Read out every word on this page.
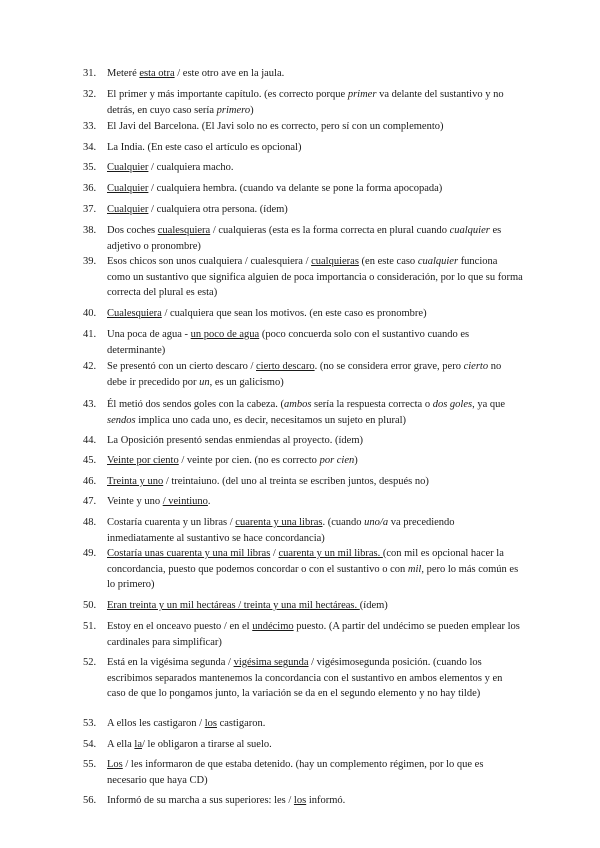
31.	Meteré esta otra / este otro ave en la jaula.
32.	El primer y más importante capítulo. (es correcto porque primer va delante del sustantivo y no detrás, en cuyo caso sería primero)
33.	El Javi del Barcelona. (El Javi solo no es correcto, pero sí con un complemento)
34.	La India. (En este caso el artículo es opcional)
35.	Cualquier / cualquiera macho.
36.	Cualquier / cualquiera hembra. (cuando va delante se pone la forma apocopada)
37.	Cualquier / cualquiera otra persona. (ídem)
38.	Dos coches cualesquiera / cualquieras (esta es la forma correcta en plural cuando cualquier es adjetivo o pronombre)
39.	Esos chicos son unos cualquiera / cualesquiera / cualquieras (en este caso cualquier funciona como un sustantivo que significa alguien de poca importancia o consideración, por lo que su forma correcta del plural es esta)
40.	Cualesquiera / cualquiera que sean los motivos. (en este caso es pronombre)
41.	Una poca de agua - un poco de agua (poco concuerda solo con el sustantivo cuando es determinante)
42.	Se presentó con un cierto descaro / cierto descaro. (no se considera error grave, pero cierto no debe ir precedido por un, es un galicismo)
43.	Él metió dos sendos goles con la cabeza. (ambos sería la respuesta correcta o dos goles, ya que sendos implica uno cada uno, es decir, necesitamos un sujeto en plural)
44.	La Oposición presentó sendas enmiendas al proyecto. (ídem)
45.	Veinte por ciento / veinte por cien. (no es correcto por cien)
46.	Treinta y uno / treintaiuno. (del uno al treinta se escriben juntos, después no)
47.	Veinte y uno / veintiuno.
48.	Costaría cuarenta y un libras / cuarenta y una libras. (cuando uno/a va precediendo inmediatamente al sustantivo se hace concordancia)
49.	Costaría unas cuarenta y una mil libras / cuarenta y un mil libras. (con mil es opcional hacer la concordancia, puesto que podemos concordar o con el sustantivo o con mil, pero lo más común es lo primero)
50.	Eran treinta y un mil hectáreas / treinta y una mil hectáreas. (ídem)
51.	Estoy en el onceavo puesto / en el undécimo puesto. (A partir del undécimo se pueden emplear los cardinales para simplificar)
52.	Está en la vigésima segunda / vigésima segunda / vigésimosegunda posición. (cuando los escribimos separados mantenemos la concordancia con el sustantivo en ambos elementos y en caso de que lo pongamos junto, la variación se da en el segundo elemento y no hay tilde)
53.	A ellos les castigaron / los castigaron.
54.	A ella la/ le obligaron a tirarse al suelo.
55.	Los / les informaron de que estaba detenido. (hay un complemento régimen, por lo que es necesario que haya CD)
56.	Informó de su marcha a sus superiores: les / los informó.
